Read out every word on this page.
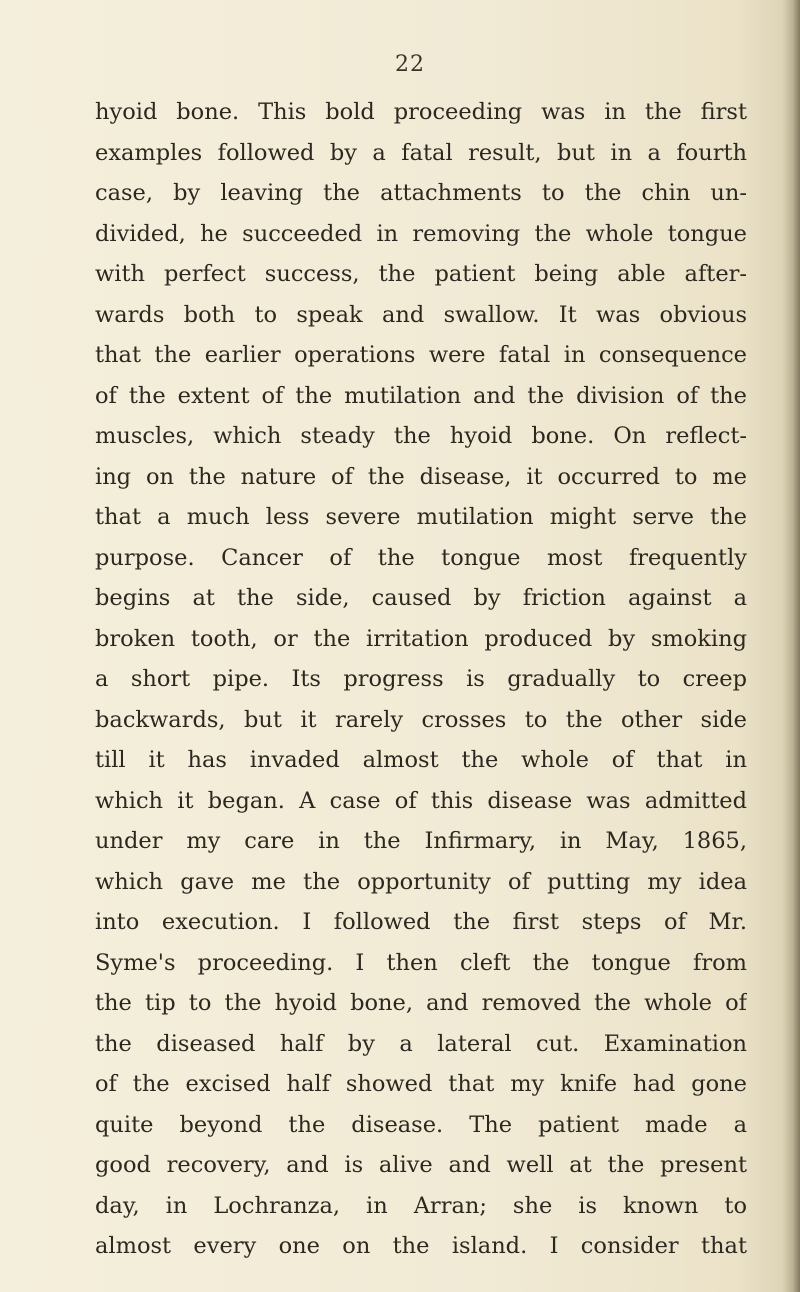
22
hyoid bone. This bold proceeding was in the first
examples followed by a fatal result, but in a fourth
case, by leaving the attachments to the chin un-
divided, he succeeded in removing the whole tongue
with perfect success, the patient being able after-
wards both to speak and swallow. It was obvious
that the earlier operations were fatal in consequence
of the extent of the mutilation and the division of the
muscles, which steady the hyoid bone. On reflect-
ing on the nature of the disease, it occurred to me
that a much less severe mutilation might serve the
purpose. Cancer of the tongue most frequently
begins at the side, caused by friction against a
broken tooth, or the irritation produced by smoking
a short pipe. Its progress is gradually to creep
backwards, but it rarely crosses to the other side
till it has invaded almost the whole of that in
which it began. A case of this disease was admitted
under my care in the Infirmary, in May, 1865,
which gave me the opportunity of putting my idea
into execution. I followed the first steps of Mr.
Syme's proceeding. I then cleft the tongue from
the tip to the hyoid bone, and removed the whole of
the diseased half by a lateral cut. Examination
of the excised half showed that my knife had gone
quite beyond the disease. The patient made a
good recovery, and is alive and well at the present
day, in Lochranza, in Arran; she is known to
almost every one on the island. I consider that
